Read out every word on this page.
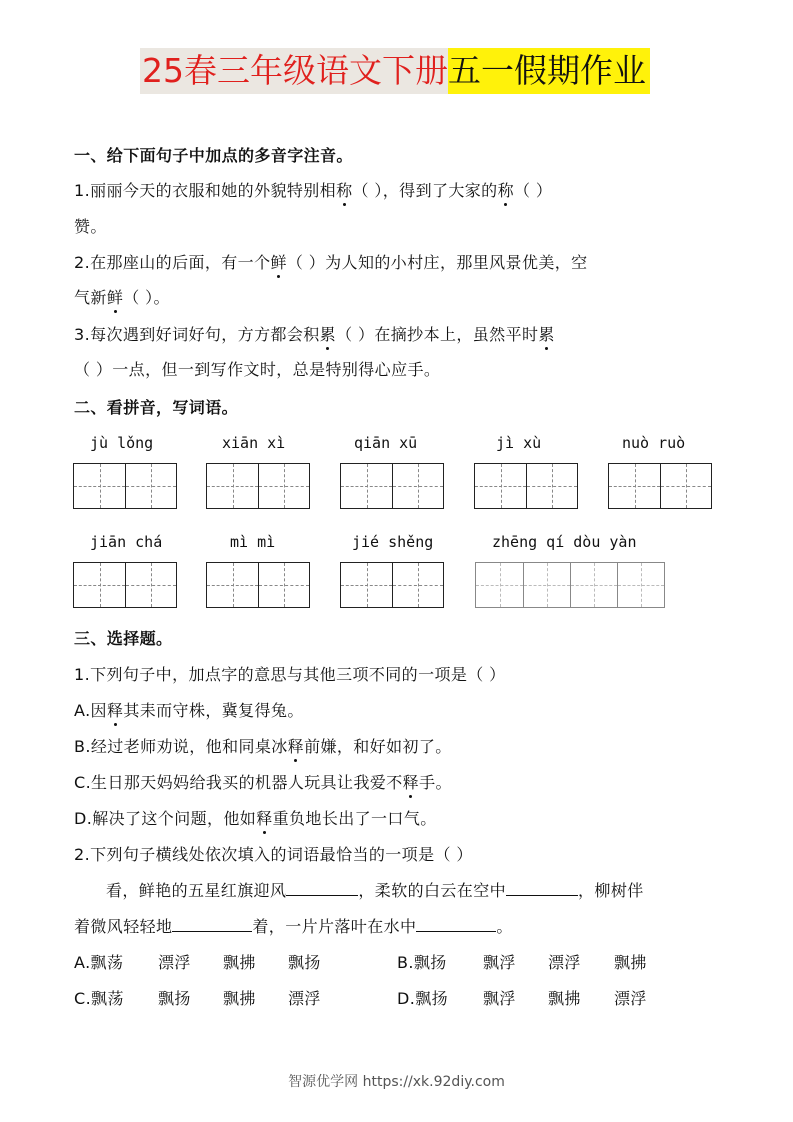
25春三年级语文下册 五一假期作业
一、给下面句子中加点的多音字注音。
1.丽丽今天的衣服和她的外貌特别相称（ ），得到了大家的称（ ）
赞。
2.在那座山的后面，有一个鲜（ ）为人知的小村庄，那里风景优美，空
气新鲜（ ）。
3.每次遇到好词好句，方方都会积累（ ）在摘抄本上，虽然平时累
（ ）一点，但一到写作文时，总是特别得心应手。
二、看拼音，写词语。
jù lǒng	xiān xì	qiān xū	jì xù	nuò ruò
jiān chá	mì mì	jié shěng	zhēng qí dòu yàn
三、选择题。
1.下列句子中，加点字的意思与其他三项不同的一项是（ ）
A.因释其耒而守株，冀复得兔。
B.经过老师劝说，他和同桌冰释前嫌，和好如初了。
C.生日那天妈妈给我买的机器人玩具让我爱不释手。
D.解决了这个问题，他如释重负地长出了一口气。
2.下列句子横线处依次填入的词语最恰当的一项是（ ）
看，鲜艳的五星红旗迎风	，柔软的白云在空中	，柳树伴
着微风轻轻地	着，一片片落叶在水中	。
A.飘荡 漂浮 飘拂 飘扬	B.飘扬 飘浮 漂浮 飘拂
C.飘荡 飘扬 飘拂 漂浮	D.飘扬 飘浮 飘拂 漂浮
智源优学网 https://xk.92diy.com
